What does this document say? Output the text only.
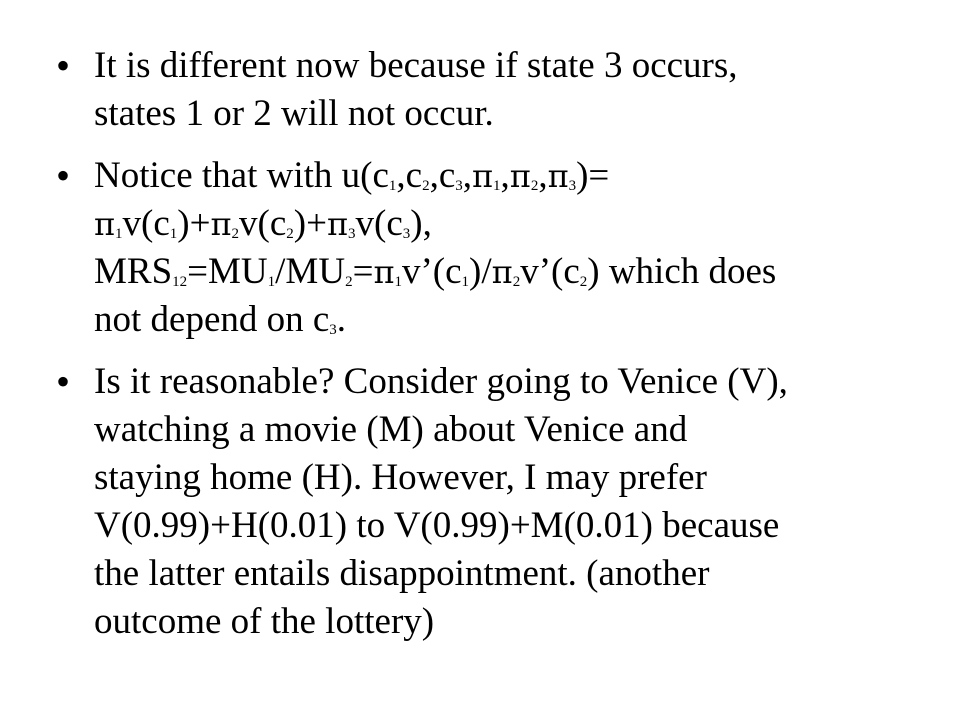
• It is different now because if state 3 occurs,
states 1 or 2 will not occur.
• Notice that with $u(c_1,c_2,c_3,\pi_1,\pi_2,\pi_3)=$
$\pi_1v(c_1)+\pi_2v(c_2)+\pi_3v(c_3)$,
$MRS_{12}=MU_1/MU_2=\pi_1v’(c_1)/\pi_2v’(c_2)$ which does
not depend on $c_3$.
• Is it reasonable? Consider going to Venice (V),
watching a movie (M) about Venice and
staying home (H). However, I may prefer
V(0.99)+H(0.01) to V(0.99)+M(0.01) because
the latter entails disappointment. (another
outcome of the lottery)
